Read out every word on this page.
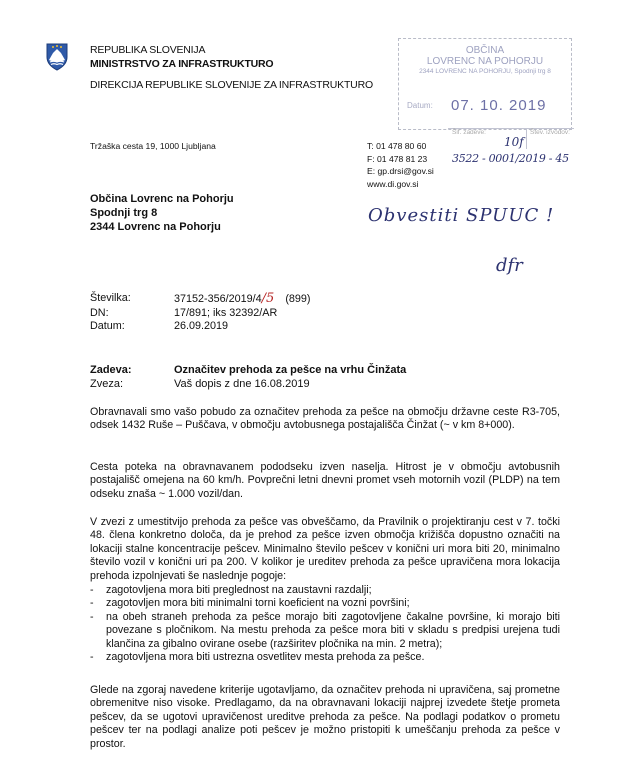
REPUBLIKA SLOVENIJA
MINISTRSTVO ZA INFRASTRUKTURO
DIREKCIJA REPUBLIKE SLOVENIJE ZA INFRASTRUKTURO
OBČINA
LOVRENC NA POHORJU
2344 LOVRENC NA POHORJU, Spodnji trg 8
Datum: 07. 10. 2019
Šif. zadeve:	Štev. izvodov:
10f
3522 - 0001/2019 - 45
Tržaška cesta 19, 1000 Ljubljana	T: 01 478 80 60
F: 01 478 81 23
E: gp.drsi@gov.si
www.di.gov.si
Obvestiti SPUUC !
dfr
Občina Lovrenc na Pohorju
Spodnji trg 8
2344 Lovrenc na Pohorju
Številka:	37152-356/2019/4/5 (899)
DN:	17/891; iks 32392/AR
Datum:	26.09.2019
Zadeva:	Označitev prehoda za pešce na vrhu Činžata
Zveza:	Vaš dopis z dne 16.08.2019
Obravnavali smo vašo pobudo za označitev prehoda za pešce na območju državne ceste R3-705, odsek 1432 Ruše – Puščava, v območju avtobusnega postajališča Činžat (~ v km 8+000).
Cesta poteka na obravnavanem pododseku izven naselja. Hitrost je v območju avtobusnih postajališč omejena na 60 km/h. Povprečni letni dnevni promet vseh motornih vozil (PLDP) na tem odseku znaša ~ 1.000 vozil/dan.
V zvezi z umestitvijo prehoda za pešce vas obveščamo, da Pravilnik o projektiranju cest v 7. točki 48. člena konkretno določa, da je prehod za pešce izven območja križišča dopustno označiti na lokaciji stalne koncentracije pešcev. Minimalno število pešcev v konični uri mora biti 20, minimalno število vozil v konični uri pa 200. V kolikor je ureditev prehoda za pešce upravičena mora lokacija prehoda izpolnjevati še naslednje pogoje:
- zagotovljena mora biti preglednost na zaustavni razdalji;
- zagotovljen mora biti minimalni torni koeficient na vozni površini;
- na obeh straneh prehoda za pešce morajo biti zagotovljene čakalne površine, ki morajo biti povezane s pločnikom. Na mestu prehoda za pešce mora biti v skladu s predpisi urejena tudi klančina za gibalno ovirane osebe (razširitev pločnika na min. 2 metra);
- zagotovljena mora biti ustrezna osvetlitev mesta prehoda za pešce.
Glede na zgoraj navedene kriterije ugotavljamo, da označitev prehoda ni upravičena, saj prometne obremenitve niso visoke. Predlagamo, da na obravnavani lokaciji najprej izvedete štetje prometa pešcev, da se ugotovi upravičenost ureditve prehoda za pešce. Na podlagi podatkov o prometu pešcev ter na podlagi analize poti pešcev je možno pristopiti k umeščanju prehoda za pešce v prostor.
